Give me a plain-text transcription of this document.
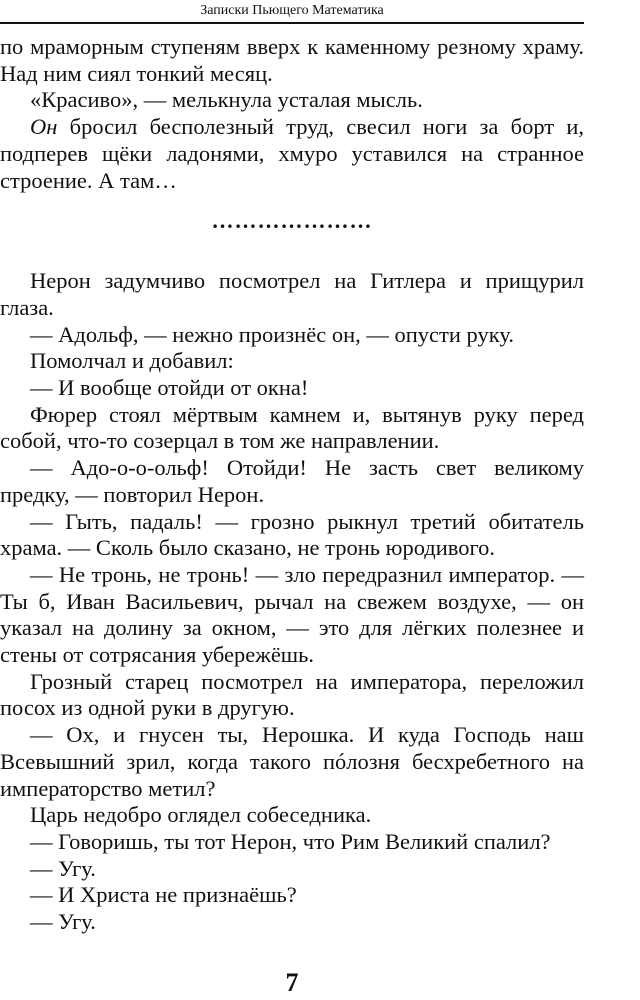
Записки Пьющего Математика

по мраморным ступеням вверх к каменному резному храму. Над ним сиял тонкий месяц.

«Красиво», — мелькнула усталая мысль.

Он бросил бесполезный труд, свесил ноги за борт и, подперев щёки ладонями, хмуро уставился на странное строение. А там…

…………………

Нерон задумчиво посмотрел на Гитлера и прищурил глаза.

— Адольф, — нежно произнёс он, — опусти руку.

Помолчал и добавил:

— И вообще отойди от окна!

Фюрер стоял мёртвым камнем и, вытянув руку перед собой, что-то созерцал в том же направлении.

— Адо-о-о-ольф! Отойди! Не засть свет великому предку, — повторил Нерон.

— Гыть, падаль! — грозно рыкнул третий обитатель храма. — Сколь было сказано, не тронь юродивого.

— Не тронь, не тронь! — зло передразнил император. — Ты б, Иван Васильевич, рычал на свежем воздухе, — он указал на долину за окном, — это для лёгких полезнее и стены от сотрясания убережёшь.

Грозный старец посмотрел на императора, переложил посох из одной руки в другую.

— Ох, и гнусен ты, Нерошка. И куда Господь наш Всевышний зрил, когда такого пóлозня бесхребетного на императорство метил?

Царь недобро оглядел собеседника.

— Говоришь, ты тот Нерон, что Рим Великий спалил?

— Угу.

— И Христа не признаёшь?

— Угу.

7
